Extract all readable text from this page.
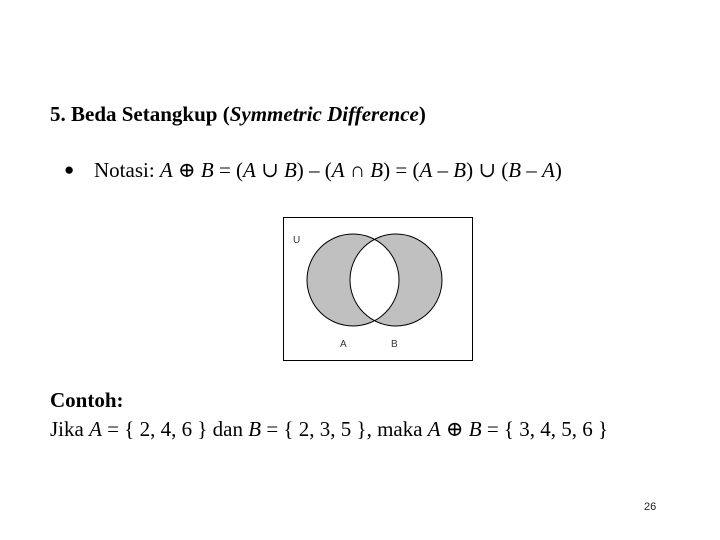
5. Beda Setangkup (Symmetric Difference)
● Notasi: A ⊕ B = (A ∪ B) – (A ∩ B) = (A – B) ∪ (B – A)
U
A	B
Contoh:
Jika A = { 2, 4, 6 } dan B = { 2, 3, 5 }, maka A ⊕ B = { 3, 4, 5, 6 }
26
